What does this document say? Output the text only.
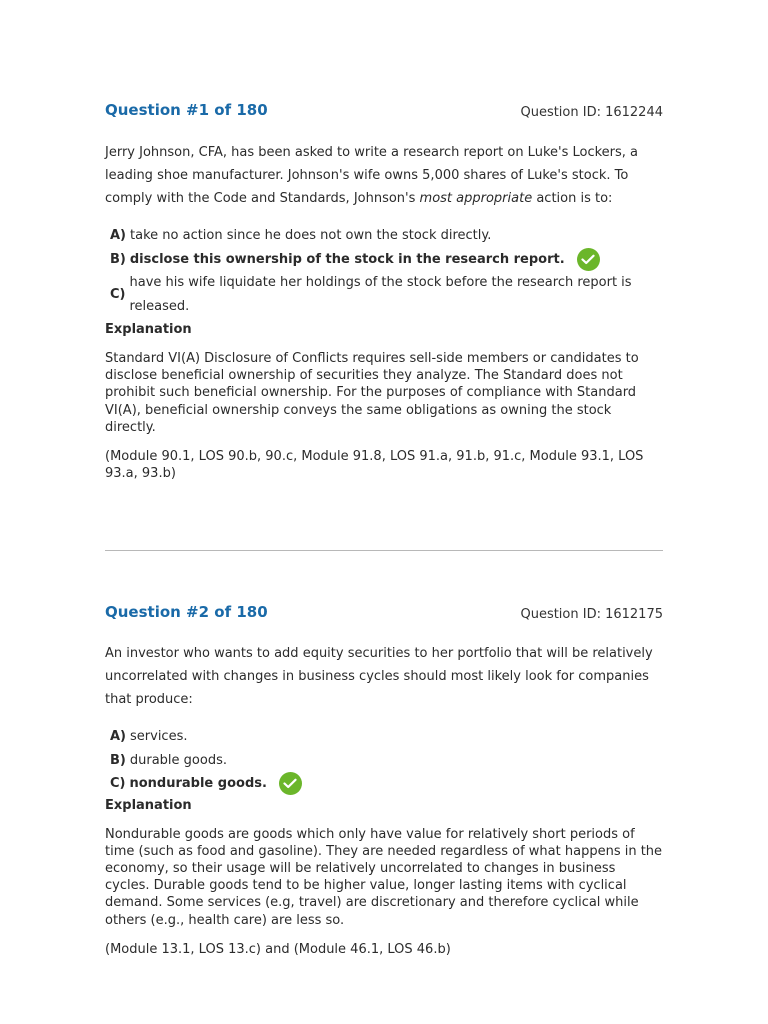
Question #1 of 180	Question ID: 1612244

Jerry Johnson, CFA, has been asked to write a research report on Luke's Lockers, a leading shoe manufacturer. Johnson's wife owns 5,000 shares of Luke's stock. To comply with the Code and Standards, Johnson's most appropriate action is to:

A) take no action since he does not own the stock directly.
B) disclose this ownership of the stock in the research report.
C)
have his wife liquidate her holdings of the stock before the research report is released.

Explanation

Standard VI(A) Disclosure of Conflicts requires sell-side members or candidates to disclose beneficial ownership of securities they analyze. The Standard does not prohibit such beneficial ownership. For the purposes of compliance with Standard VI(A), beneficial ownership conveys the same obligations as owning the stock directly.

(Module 90.1, LOS 90.b, 90.c, Module 91.8, LOS 91.a, 91.b, 91.c, Module 93.1, LOS 93.a, 93.b)

Question #2 of 180	Question ID: 1612175

An investor who wants to add equity securities to her portfolio that will be relatively uncorrelated with changes in business cycles should most likely look for companies that produce:

A) services.
B) durable goods.
C) nondurable goods.

Explanation

Nondurable goods are goods which only have value for relatively short periods of time (such as food and gasoline). They are needed regardless of what happens in the economy, so their usage will be relatively uncorrelated to changes in business cycles. Durable goods tend to be higher value, longer lasting items with cyclical demand. Some services (e.g, travel) are discretionary and therefore cyclical while others (e.g., health care) are less so.

(Module 13.1, LOS 13.c) and (Module 46.1, LOS 46.b)
